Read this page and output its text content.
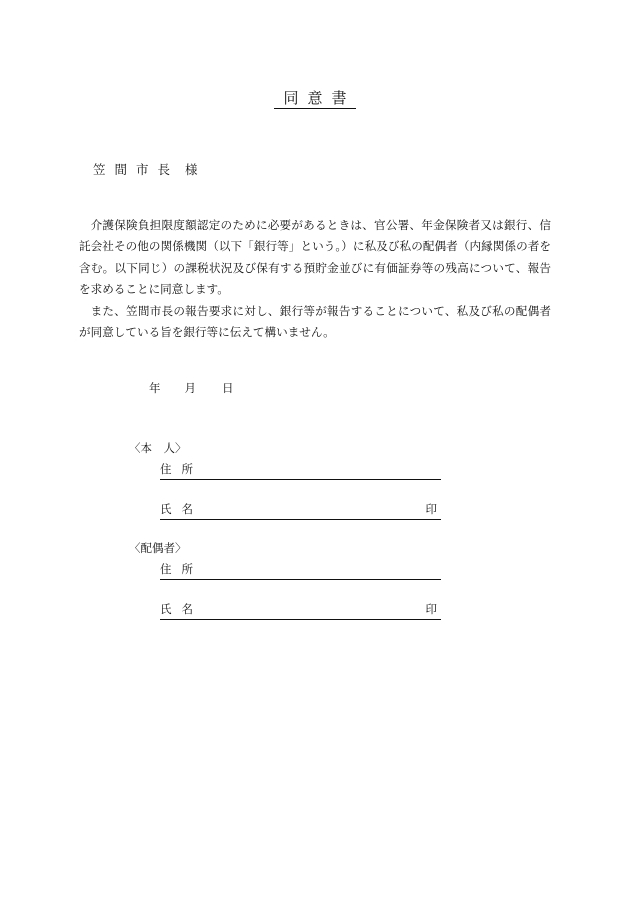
同意書
笠間市長 様

介護保険負担限度額認定のために必要があるときは、官公署、年金保険者又は銀行、信託会社その他の関係機関（以下「銀行等」という。）に私及び私の配偶者（内縁関係の者を含む。以下同じ）の課税状況及び保有する預貯金並びに有価証券等の残高について、報告を求めることに同意します。

また、笠間市長の報告要求に対し、銀行等が報告することについて、私及び私の配偶者が同意している旨を銀行等に伝えて構いません。

年 月 日
〈本　人〉
住所
氏名	印
〈配偶者〉
住所
氏名	印
